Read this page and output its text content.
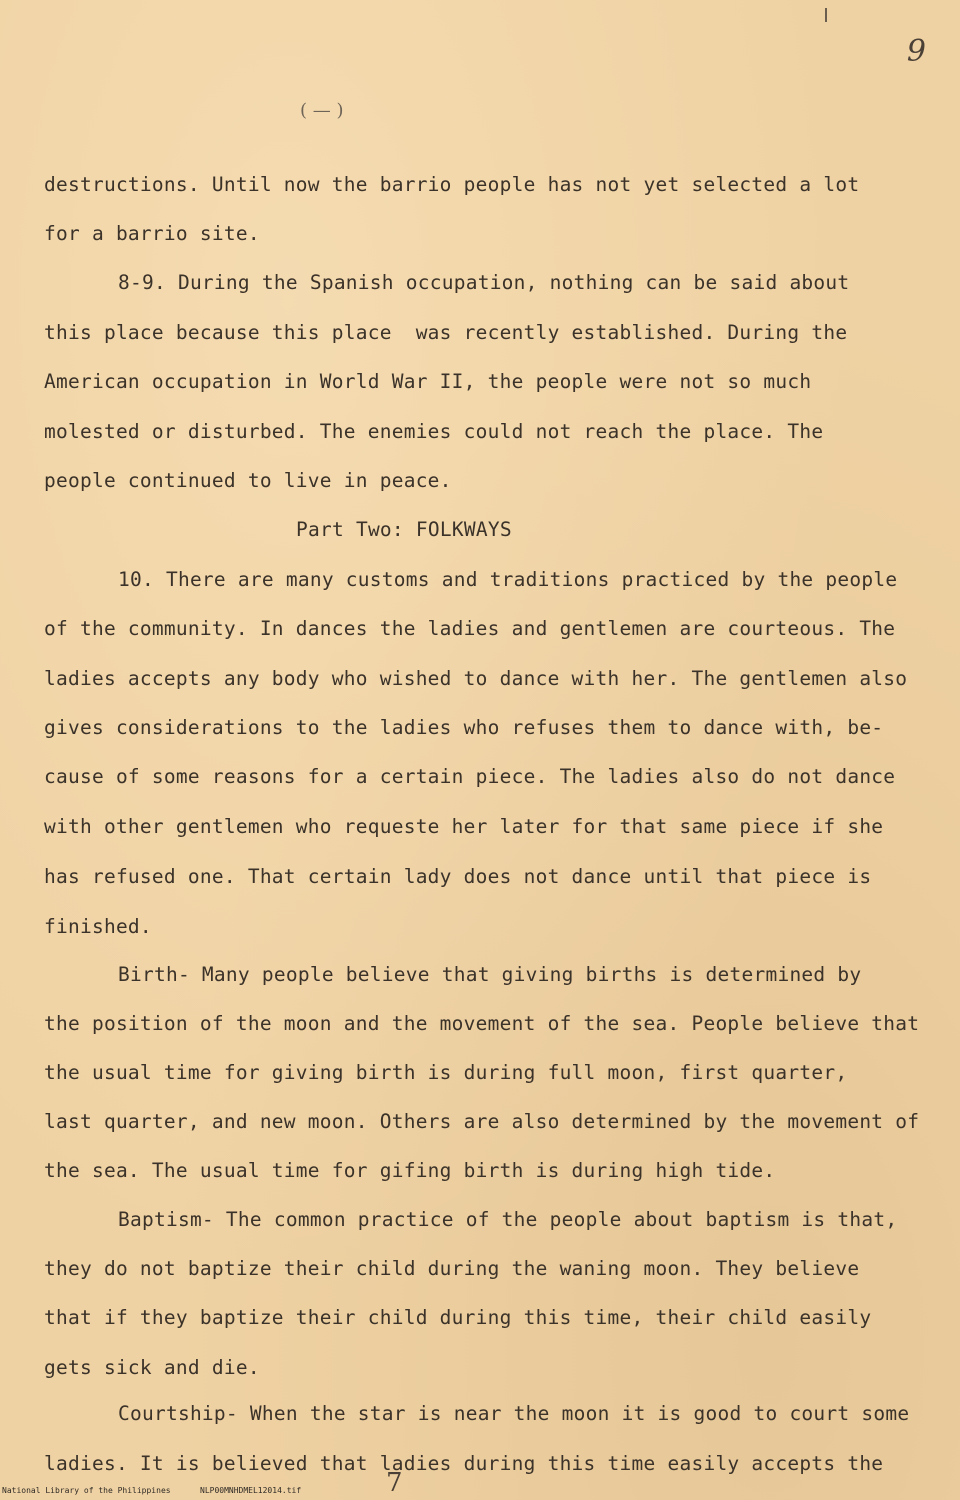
9
( — )
destructions. Until now the barrio people has not yet selected a lot
for a barrio site.
8-9. During the Spanish occupation, nothing can be said about
this place because this place  was recently established. During the
American occupation in World War II, the people were not so much
molested or disturbed. The enemies could not reach the place. The
people continued to live in peace.
Part Two: FOLKWAYS
10. There are many customs and traditions practiced by the people
of the community. In dances the ladies and gentlemen are courteous. The
ladies accepts any body who wished to dance with her. The gentlemen also
gives considerations to the ladies who refuses them to dance with, be-
cause of some reasons for a certain piece. The ladies also do not dance
with other gentlemen who requeste her later for that same piece if she
has refused one. That certain lady does not dance until that piece is
finished.
Birth- Many people believe that giving births is determined by
the position of the moon and the movement of the sea. People believe that
the usual time for giving birth is during full moon, first quarter,
last quarter, and new moon. Others are also determined by the movement of
the sea. The usual time for gifing birth is during high tide.
Baptism- The common practice of the people about baptism is that,
they do not baptize their child during the waning moon. They believe
that if they baptize their child during this time, their child easily
gets sick and die.
Courtship- When the star is near the moon it is good to court some
ladies. It is believed that ladies during this time easily accepts the
7
National Library of the Philippines	NLP00MNHDMEL12014.tif
